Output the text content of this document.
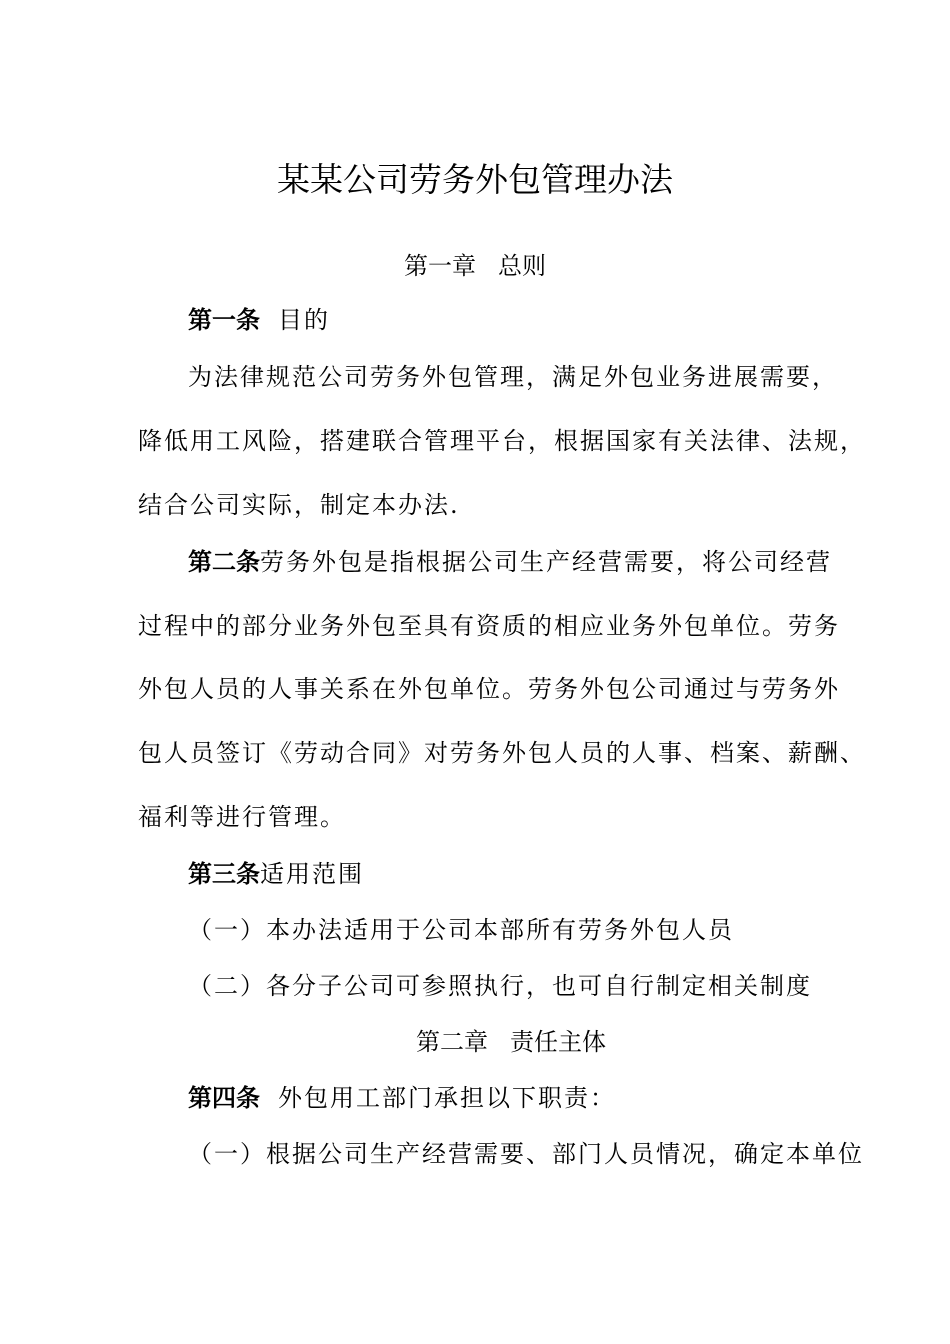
某某公司劳务外包管理办法
第一章 总则
第一条 目的
为法律规范公司劳务外包管理，满足外包业务进展需要，
降低用工风险，搭建联合管理平台，根据国家有关法律、法规，
结合公司实际，制定本办法.
第二条劳务外包是指根据公司生产经营需要，将公司经营
过程中的部分业务外包至具有资质的相应业务外包单位。劳务
外包人员的人事关系在外包单位。劳务外包公司通过与劳务外
包人员签订《劳动合同》对劳务外包人员的人事、档案、薪酬、
福利等进行管理。
第三条适用范围
（一）本办法适用于公司本部所有劳务外包人员
（二）各分子公司可参照执行，也可自行制定相关制度
第二章 责任主体
第四条 外包用工部门承担以下职责：
（一）根据公司生产经营需要、部门人员情况，确定本单位
